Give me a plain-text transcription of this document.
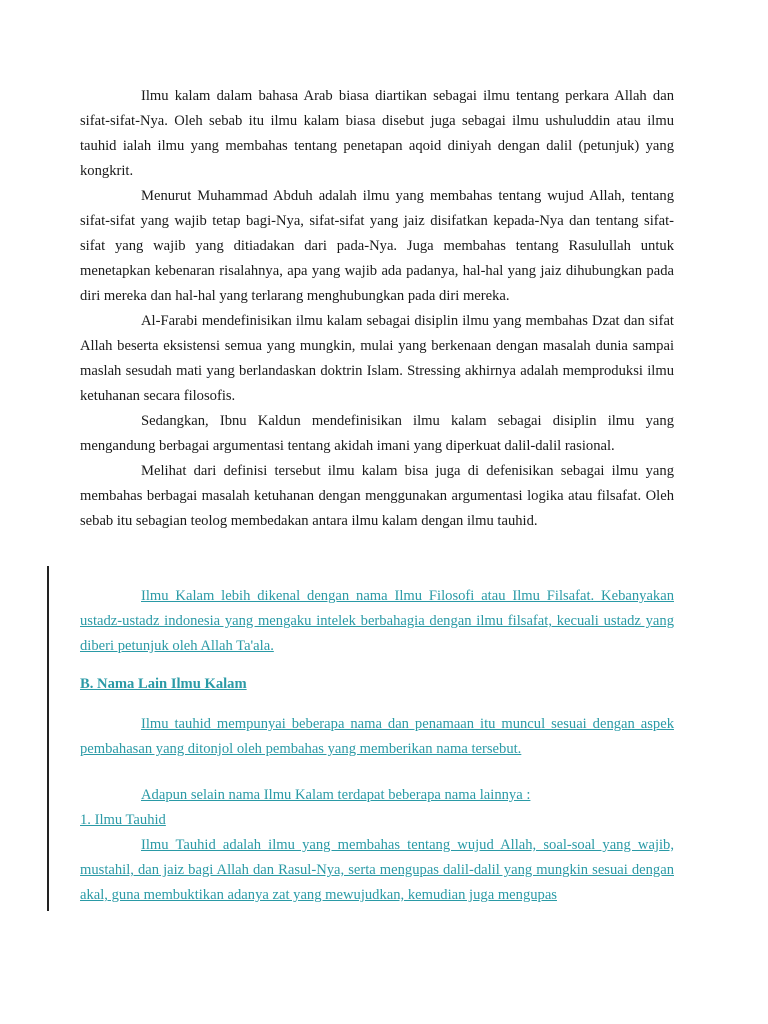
Ilmu kalam dalam bahasa Arab biasa diartikan sebagai ilmu tentang perkara Allah dan sifat-sifat-Nya. Oleh sebab itu ilmu kalam biasa disebut juga sebagai ilmu ushuluddin atau ilmu tauhid ialah ilmu yang membahas tentang penetapan aqoid diniyah dengan dalil (petunjuk) yang kongkrit.

Menurut Muhammad Abduh adalah ilmu yang membahas tentang wujud Allah, tentang sifat-sifat yang wajib tetap bagi-Nya, sifat-sifat yang jaiz disifatkan kepada-Nya dan tentang sifat-sifat yang wajib yang ditiadakan dari pada-Nya. Juga membahas tentang Rasulullah untuk menetapkan kebenaran risalahnya, apa yang wajib ada padanya, hal-hal yang jaiz dihubungkan pada diri mereka dan hal-hal yang terlarang menghubungkan pada diri mereka.

Al-Farabi mendefinisikan ilmu kalam sebagai disiplin ilmu yang membahas Dzat dan sifat Allah beserta eksistensi semua yang mungkin, mulai yang berkenaan dengan masalah dunia sampai maslah sesudah mati yang berlandaskan doktrin Islam. Stressing akhirnya adalah memproduksi ilmu ketuhanan secara filosofis.

Sedangkan, Ibnu Kaldun mendefinisikan ilmu kalam sebagai disiplin ilmu yang mengandung berbagai argumentasi tentang akidah imani yang diperkuat dalil-dalil rasional.

Melihat dari definisi tersebut ilmu kalam bisa juga di defenisikan sebagai ilmu yang membahas berbagai masalah ketuhanan dengan menggunakan argumentasi logika atau filsafat. Oleh sebab itu sebagian teolog membedakan antara ilmu kalam dengan ilmu tauhid.

Ilmu Kalam lebih dikenal dengan nama Ilmu Filosofi atau Ilmu Filsafat. Kebanyakan ustadz-ustadz indonesia yang mengaku intelek berbahagia dengan ilmu filsafat, kecuali ustadz yang diberi petunjuk oleh Allah Ta'ala.

B. Nama Lain Ilmu Kalam

Ilmu tauhid mempunyai beberapa nama dan penamaan itu muncul sesuai dengan aspek pembahasan yang ditonjol oleh pembahas yang memberikan nama tersebut.

Adapun selain nama Ilmu Kalam terdapat beberapa nama lainnya :

1. Ilmu Tauhid

Ilmu Tauhid adalah ilmu yang membahas tentang wujud Allah, soal-soal yang wajib, mustahil, dan jaiz bagi Allah dan Rasul-Nya, serta mengupas dalil-dalil yang mungkin sesuai dengan akal, guna membuktikan adanya zat yang mewujudkan, kemudian juga mengupas
